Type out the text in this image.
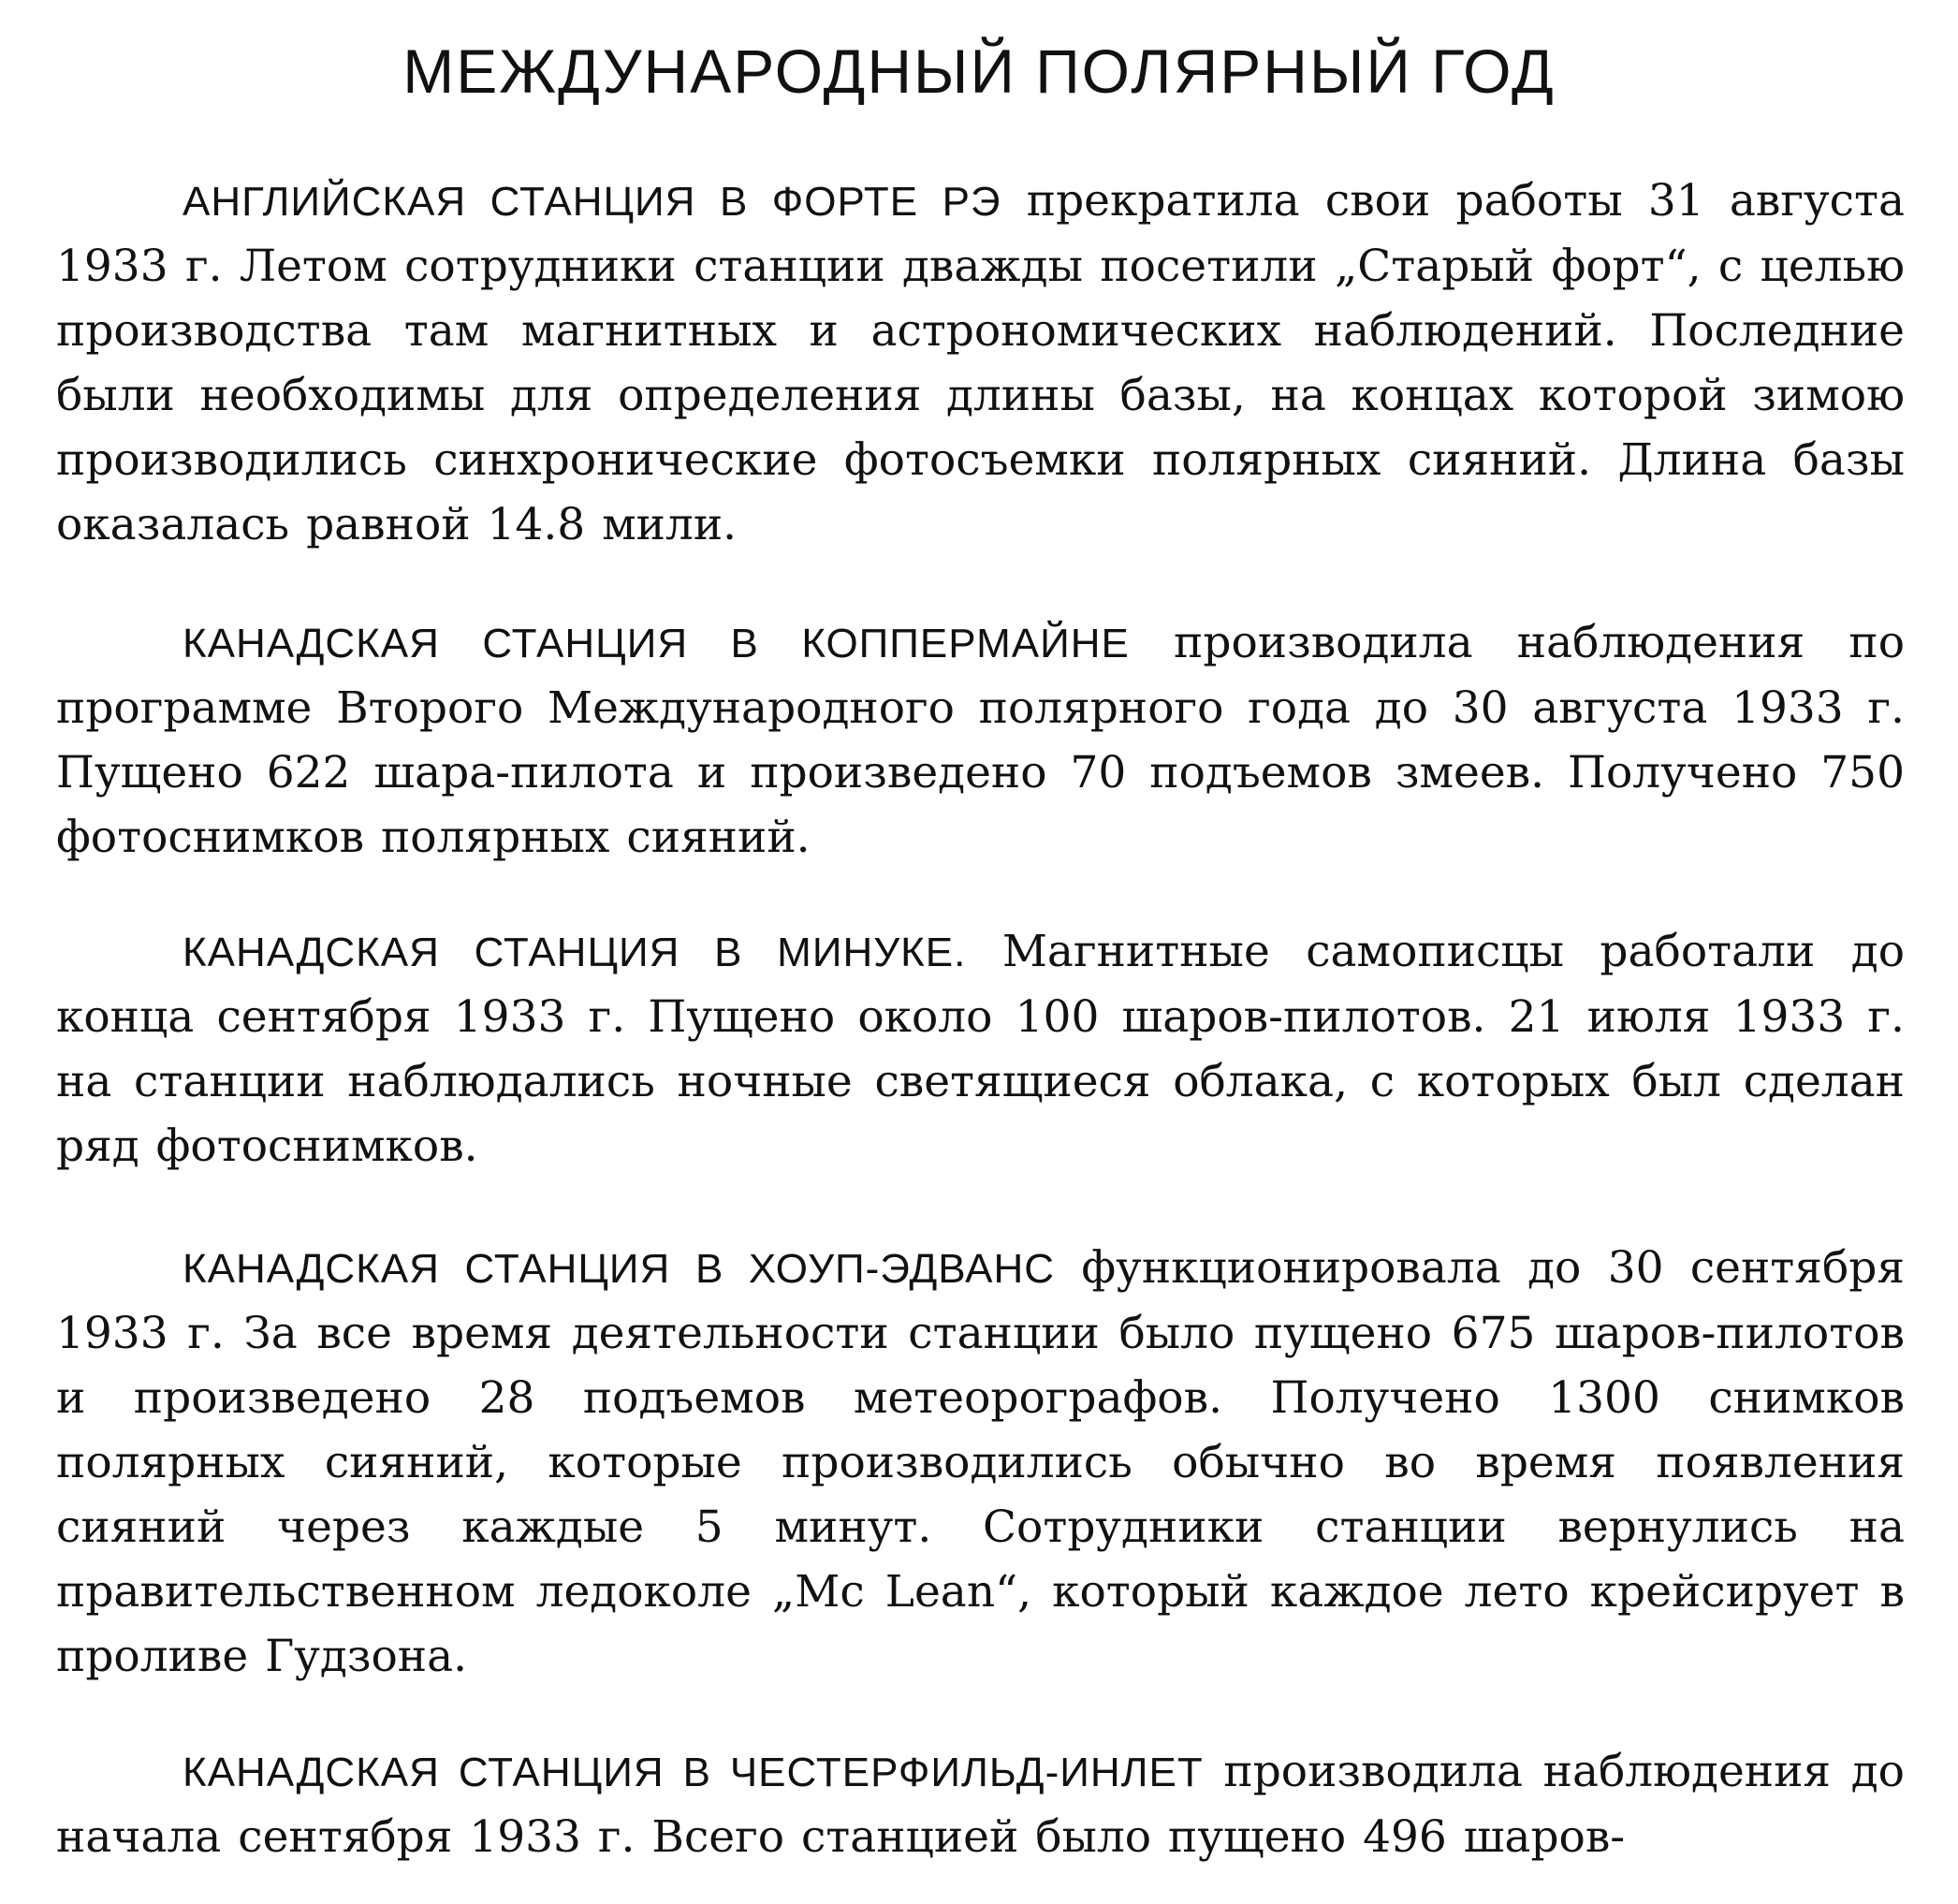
МЕЖДУНАРОДНЫЙ ПОЛЯРНЫЙ ГОД

АНГЛИЙСКАЯ СТАНЦИЯ В ФОРТЕ РЭ прекратила свои работы 31 августа 1933 г. Летом сотрудники станции дважды посетили „Старый форт“, с целью производства там магнитных и астрономических наблюдений. Последние были необходимы для определения длины базы, на концах которой зимою производились синхронические фотосъемки полярных сияний. Длина базы оказалась равной 14.8 мили.

КАНАДСКАЯ СТАНЦИЯ В КОППЕРМАЙНЕ производила наблюдения по программе Второго Международного полярного года до 30 августа 1933 г. Пущено 622 шара-пилота и произведено 70 подъемов змеев. Получено 750 фотоснимков полярных сияний.

КАНАДСКАЯ СТАНЦИЯ В МИНУКЕ. Магнитные самописцы работали до конца сентября 1933 г. Пущено около 100 шаров-пилотов. 21 июля 1933 г. на станции наблюдались ночные светящиеся облака, с которых был сделан ряд фотоснимков.

КАНАДСКАЯ СТАНЦИЯ В ХОУП-ЭДВАНС функционировала до 30 сентября 1933 г. За все время деятельности станции было пущено 675 шаров-пилотов и произведено 28 подъемов метеорографов. Получено 1300 снимков полярных сияний, которые производились обычно во время появления сияний через каждые 5 минут. Сотрудники станции вернулись на правительственном ледоколе „Mc Lean“, который каждое лето крейсирует в проливе Гудзона.

КАНАДСКАЯ СТАНЦИЯ В ЧЕСТЕРФИЛЬД-ИНЛЕТ производила наблюдения до начала сентября 1933 г. Всего станцией было пущено 496 шаров-
